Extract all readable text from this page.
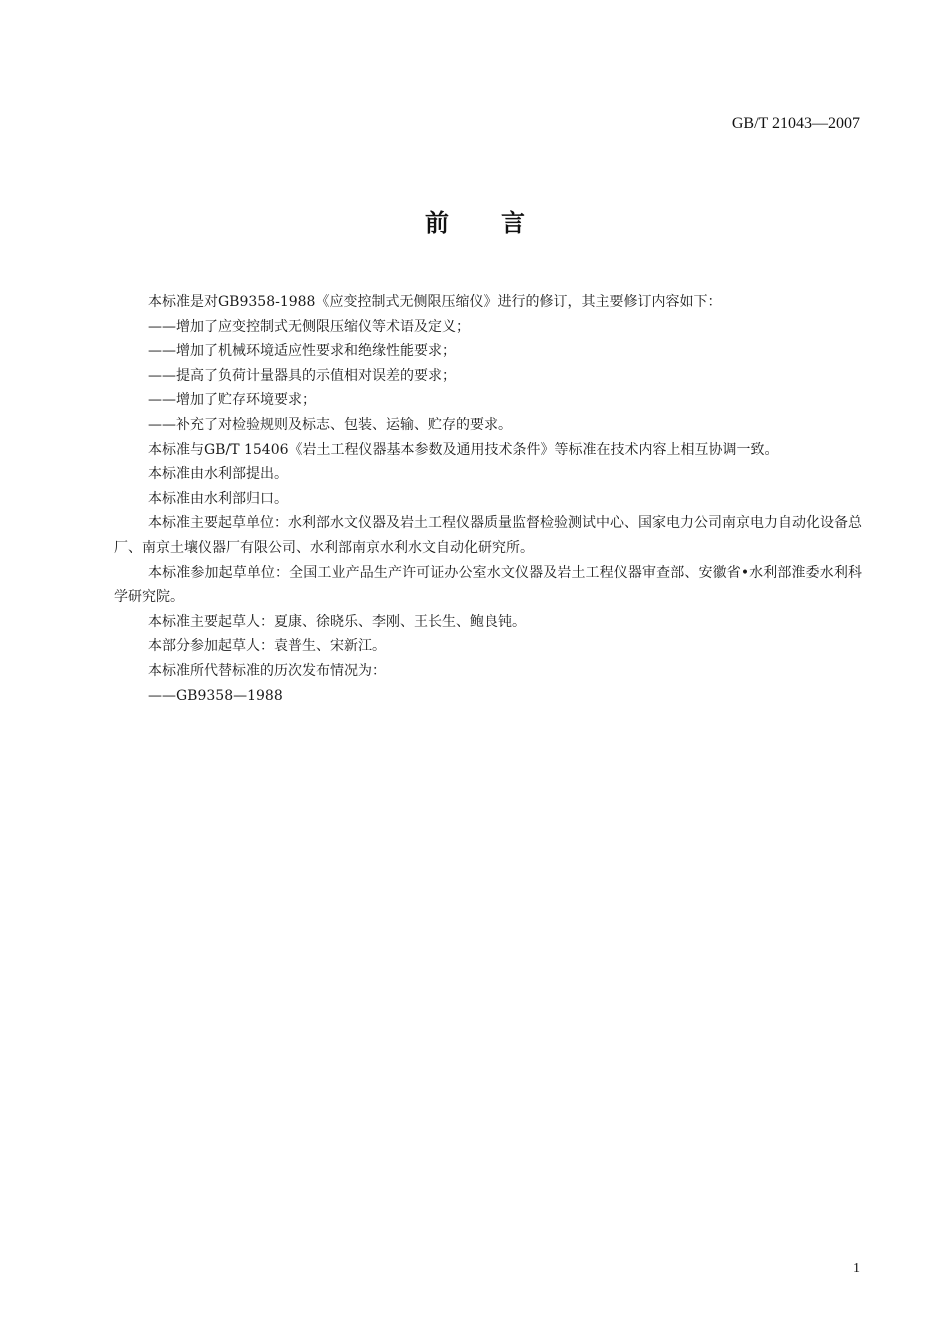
GB/T 21043—2007
前 言

本标准是对GB9358-1988《应变控制式无侧限压缩仪》进行的修订，其主要修订内容如下：

——增加了应变控制式无侧限压缩仪等术语及定义；

——增加了机械环境适应性要求和绝缘性能要求；

——提高了负荷计量器具的示值相对误差的要求；

——增加了贮存环境要求；

——补充了对检验规则及标志、包装、运输、贮存的要求。

本标准与GB/T 15406《岩土工程仪器基本参数及通用技术条件》等标准在技术内容上相互协调一致。

本标准由水利部提出。

本标准由水利部归口。

本标准主要起草单位：水利部水文仪器及岩土工程仪器质量监督检验测试中心、国家电力公司南京电力自动化设备总厂、南京土壤仪器厂有限公司、水利部南京水利水文自动化研究所。

本标准参加起草单位：全国工业产品生产许可证办公室水文仪器及岩土工程仪器审查部、安徽省•水利部淮委水利科学研究院。

本标准主要起草人：夏康、徐晓乐、李刚、王长生、鲍良钝。

本部分参加起草人：袁普生、宋新江。

本标准所代替标准的历次发布情况为：

——GB9358—1988

1
